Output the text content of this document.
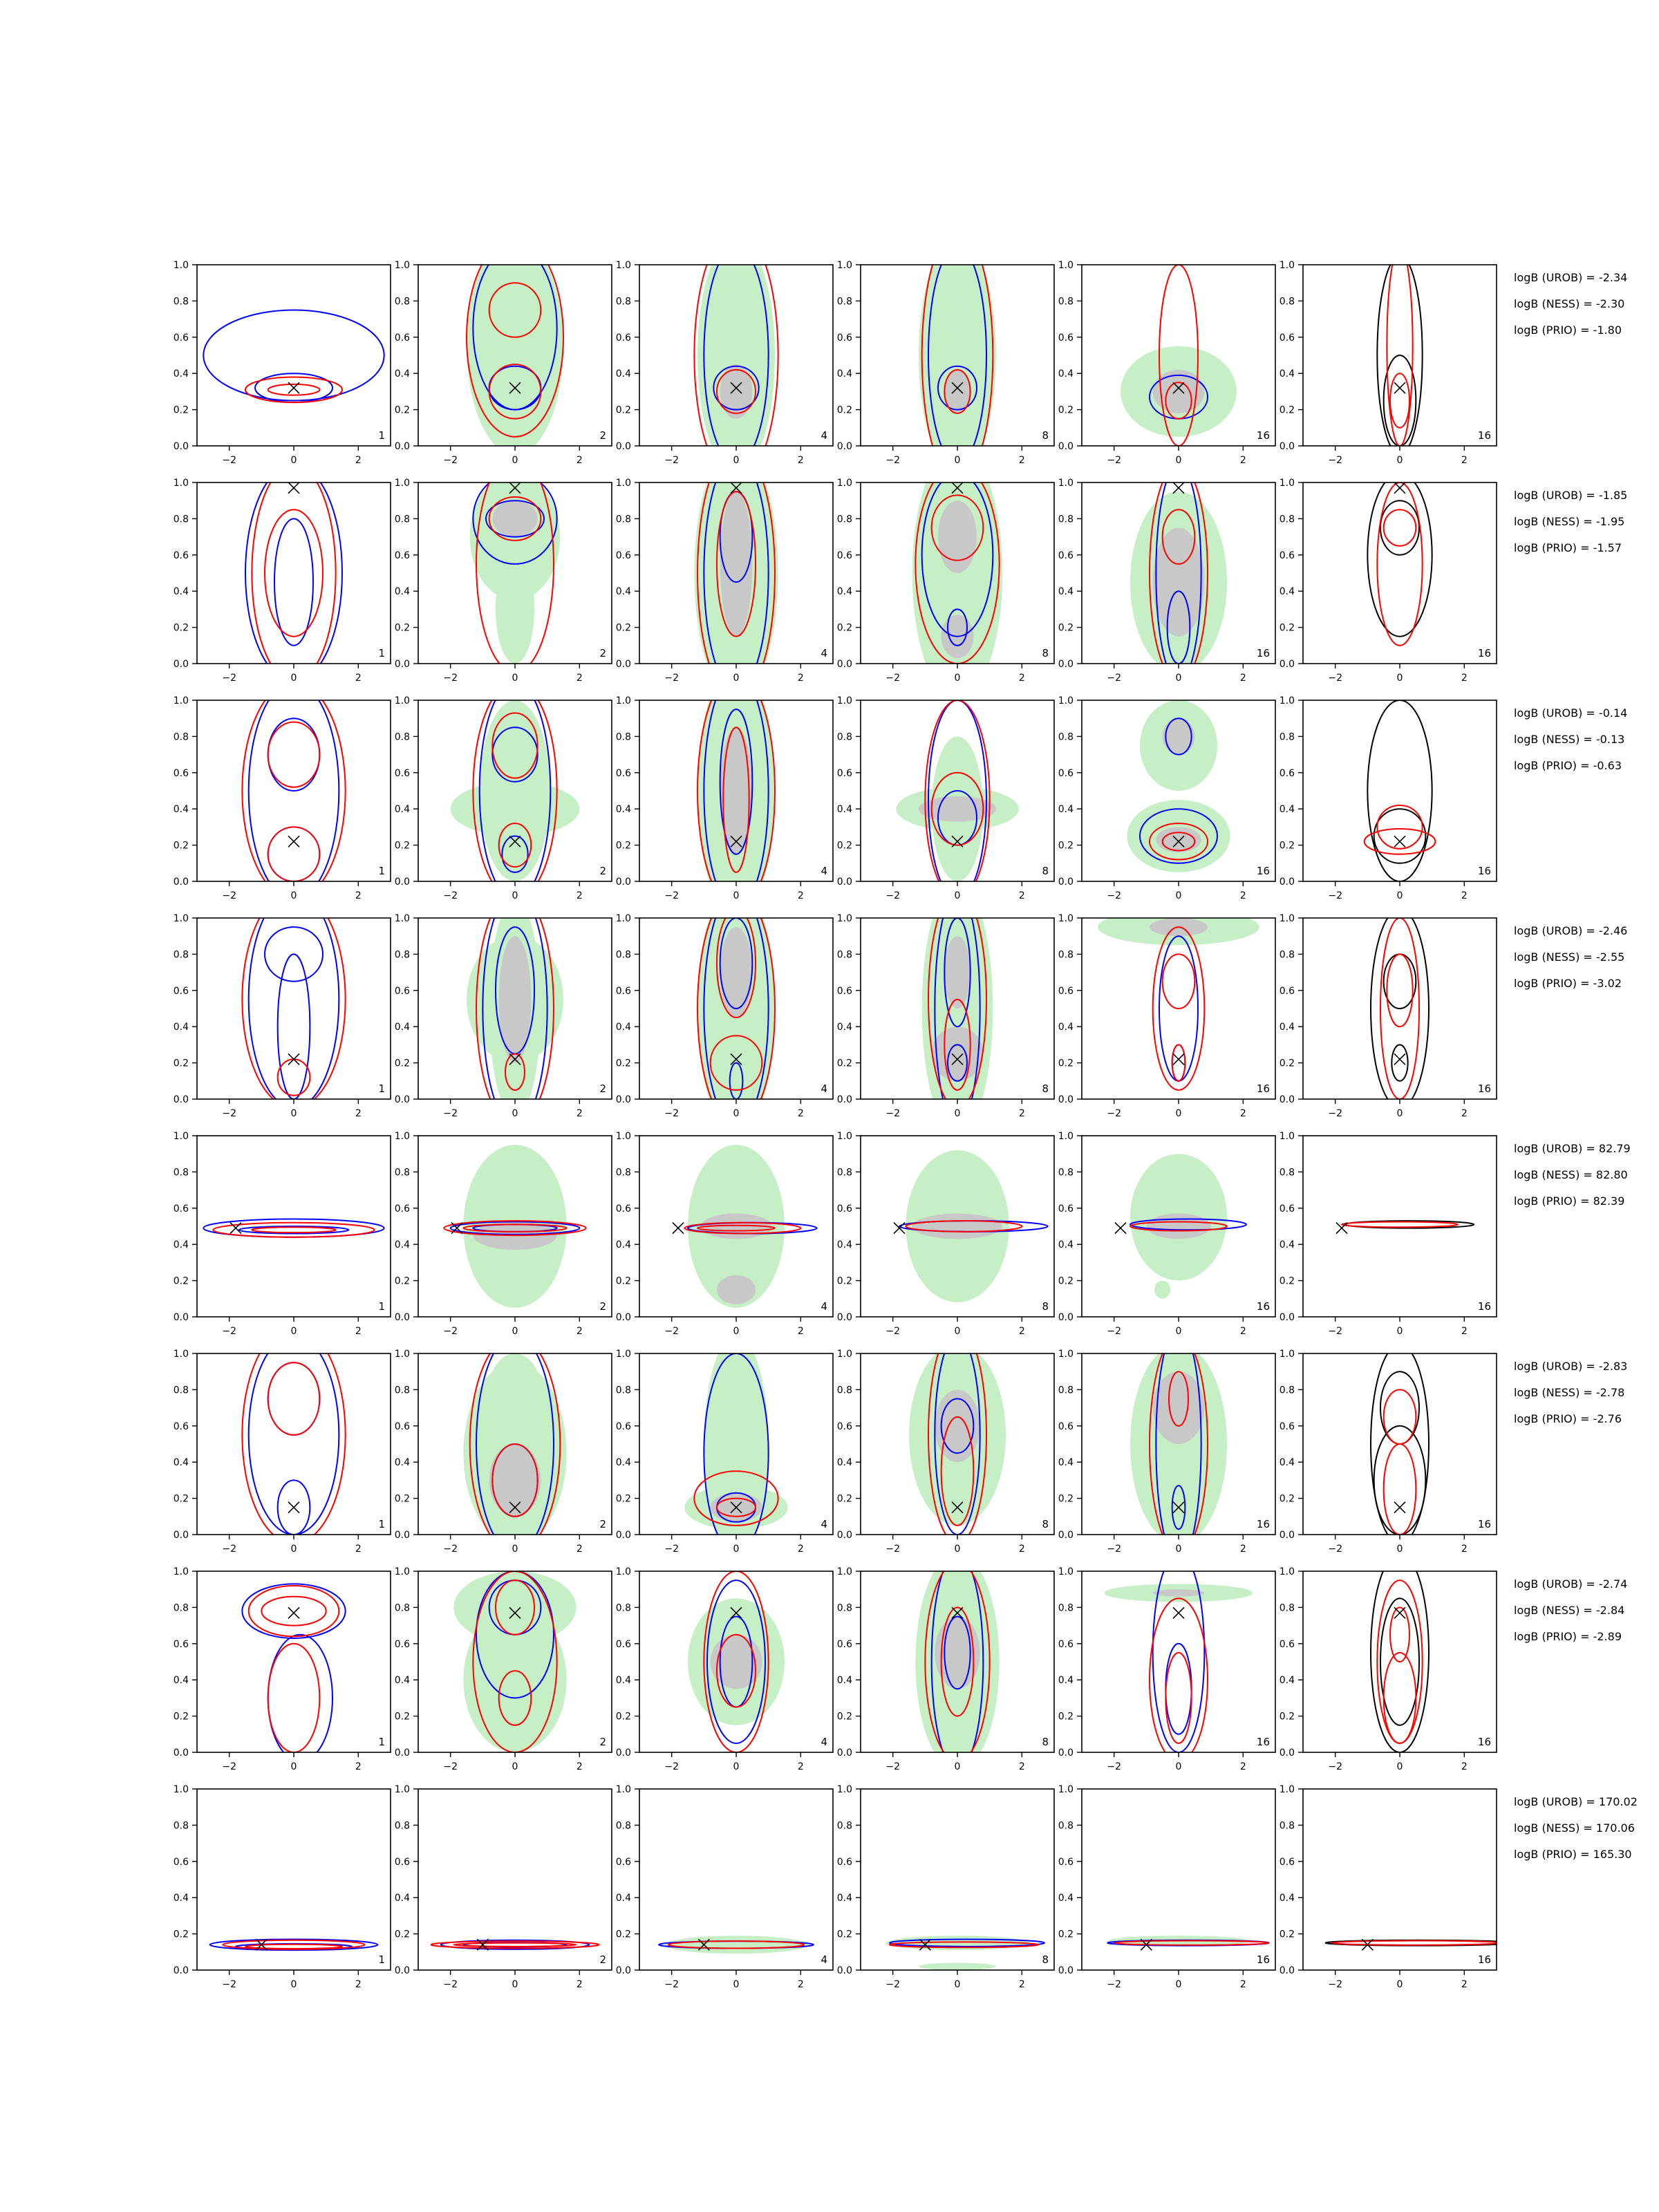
−2	0	2
0.0
0.2
0.4
0.6
0.8
1.0
1
−2	0	2
0.0
0.2
0.4
0.6
0.8
1.0
2
−2	0	2
0.0
0.2
0.4
0.6
0.8
1.0
4
−2	0	2
0.0
0.2
0.4
0.6
0.8
1.0
8
−2	0	2
0.0
0.2
0.4
0.6
0.8
1.0
16
−2	0	2
0.0
0.2
0.4
0.6
0.8
1.0
16
logB (UROB) = -2.34
logB (NESS) = -2.30
logB (PRIO) = -1.80
−2	0	2
0.0
0.2
0.4
0.6
0.8
1.0
1
−2	0	2
0.0
0.2
0.4
0.6
0.8
1.0
2
−2	0	2
0.0
0.2
0.4
0.6
0.8
1.0
4
−2	0	2
0.0
0.2
0.4
0.6
0.8
1.0
8
−2	0	2
0.0
0.2
0.4
0.6
0.8
1.0
16
−2	0	2
0.0
0.2
0.4
0.6
0.8
1.0
16
logB (UROB) = -1.85
logB (NESS) = -1.95
logB (PRIO) = -1.57
−2	0	2
0.0
0.2
0.4
0.6
0.8
1.0
1
−2	0	2
0.0
0.2
0.4
0.6
0.8
1.0
2
−2	0	2
0.0
0.2
0.4
0.6
0.8
1.0
4
−2	0	2
0.0
0.2
0.4
0.6
0.8
1.0
8
−2	0	2
0.0
0.2
0.4
0.6
0.8
1.0
16
−2	0	2
0.0
0.2
0.4
0.6
0.8
1.0
16
logB (UROB) = -0.14
logB (NESS) = -0.13
logB (PRIO) = -0.63
−2	0	2
0.0
0.2
0.4
0.6
0.8
1.0
1
−2	0	2
0.0
0.2
0.4
0.6
0.8
1.0
2
−2	0	2
0.0
0.2
0.4
0.6
0.8
1.0
4
−2	0	2
0.0
0.2
0.4
0.6
0.8
1.0
8
−2	0	2
0.0
0.2
0.4
0.6
0.8
1.0
16
−2	0	2
0.0
0.2
0.4
0.6
0.8
1.0
16
logB (UROB) = -2.46
logB (NESS) = -2.55
logB (PRIO) = -3.02
−2	0	2
0.0
0.2
0.4
0.6
0.8
1.0
1
−2	0	2
0.0
0.2
0.4
0.6
0.8
1.0
2
−2	0	2
0.0
0.2
0.4
0.6
0.8
1.0
4
−2	0	2
0.0
0.2
0.4
0.6
0.8
1.0
8
−2	0	2
0.0
0.2
0.4
0.6
0.8
1.0
16
−2	0	2
0.0
0.2
0.4
0.6
0.8
1.0
16
logB (UROB) = 82.79
logB (NESS) = 82.80
logB (PRIO) = 82.39
−2	0	2
0.0
0.2
0.4
0.6
0.8
1.0
1
−2	0	2
0.0
0.2
0.4
0.6
0.8
1.0
2
−2	0	2
0.0
0.2
0.4
0.6
0.8
1.0
4
−2	0	2
0.0
0.2
0.4
0.6
0.8
1.0
8
−2	0	2
0.0
0.2
0.4
0.6
0.8
1.0
16
−2	0	2
0.0
0.2
0.4
0.6
0.8
1.0
16
logB (UROB) = -2.83
logB (NESS) = -2.78
logB (PRIO) = -2.76
−2	0	2
0.0
0.2
0.4
0.6
0.8
1.0
1
−2	0	2
0.0
0.2
0.4
0.6
0.8
1.0
2
−2	0	2
0.0
0.2
0.4
0.6
0.8
1.0
4
−2	0	2
0.0
0.2
0.4
0.6
0.8
1.0
8
−2	0	2
0.0
0.2
0.4
0.6
0.8
1.0
16
−2	0	2
0.0
0.2
0.4
0.6
0.8
1.0
16
logB (UROB) = -2.74
logB (NESS) = -2.84
logB (PRIO) = -2.89
−2	0	2
0.0
0.2
0.4
0.6
0.8
1.0
1
−2	0	2
0.0
0.2
0.4
0.6
0.8
1.0
2
−2	0	2
0.0
0.2
0.4
0.6
0.8
1.0
4
−2	0	2
0.0
0.2
0.4
0.6
0.8
1.0
8
−2	0	2
0.0
0.2
0.4
0.6
0.8
1.0
16
−2	0	2
0.0
0.2
0.4
0.6
0.8
1.0
16
logB (UROB) = 170.02
logB (NESS) = 170.06
logB (PRIO) = 165.30
